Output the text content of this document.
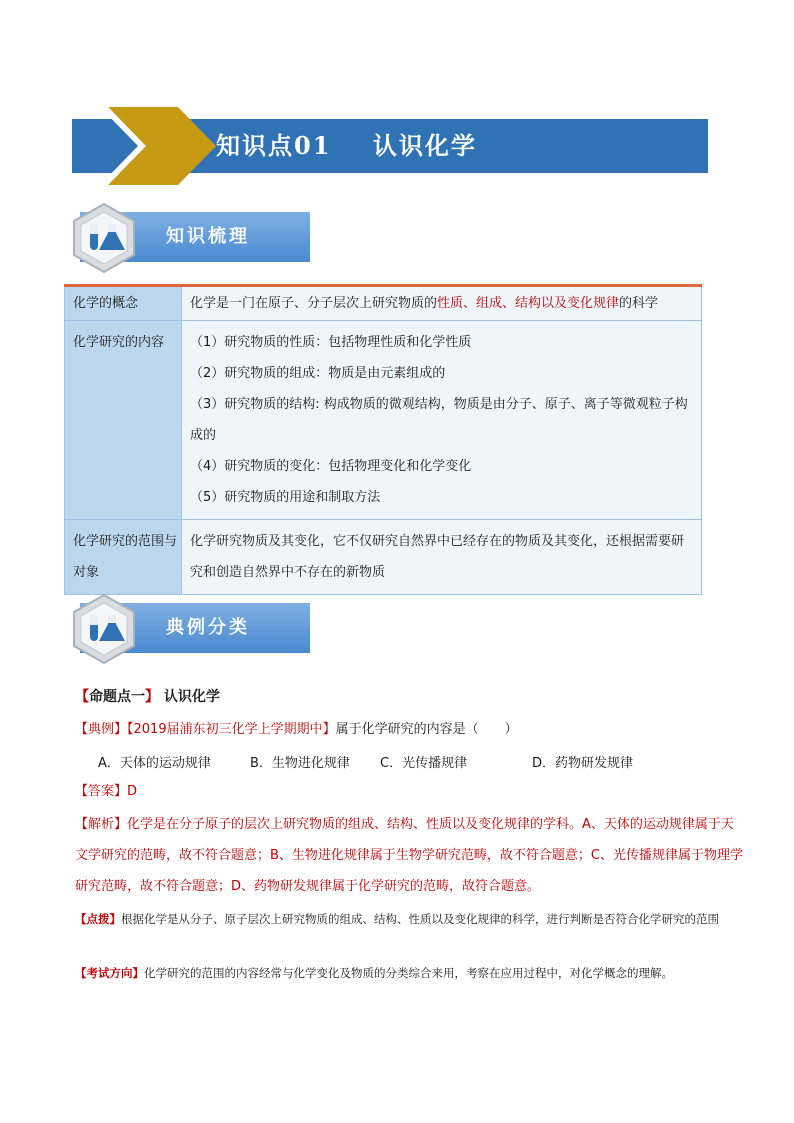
知识点01    认识化学
知识梳理
化学的概念	化学是一门在原子、分子层次上研究物质的性质、组成、结构以及变化规律的科学

化学研究的内容	（1）研究物质的性质：包括物理性质和化学性质
（2）研究物质的组成：物质是由元素组成的
（3）研究物质的结构: 构成物质的微观结构，物质是由分子、原子、离子等微观粒子构成的
（4）研究物质的变化：包括物理变化和化学变化
（5）研究物质的用途和制取方法

化学研究的范围与对象	化学研究物质及其变化，它不仅研究自然界中已经存在的物质及其变化，还根据需要研究和创造自然界中不存在的新物质
典例分类
【命题点一】 认识化学
【典例】【2019届浦东初三化学上学期期中】属于化学研究的内容是（　　）
A．天体的运动规律	B．生物进化规律 C．光传播规律	D．药物研发规律
【答案】D
【解析】化学是在分子原子的层次上研究物质的组成、结构、性质以及变化规律的学科。A、天体的运动规律属于天文学研究的范畴，故不符合题意；B、生物进化规律属于生物学研究范畴，故不符合题意；C、光传播规律属于物理学研究范畴，故不符合题意；D、药物研发规律属于化学研究的范畴，故符合题意。
【点拨】根据化学是从分子、原子层次上研究物质的组成、结构、性质以及变化规律的科学，进行判断是否符合化学研究的范围
【考试方向】化学研究的范围的内容经常与化学变化及物质的分类综合来用，考察在应用过程中，对化学概念的理解。
